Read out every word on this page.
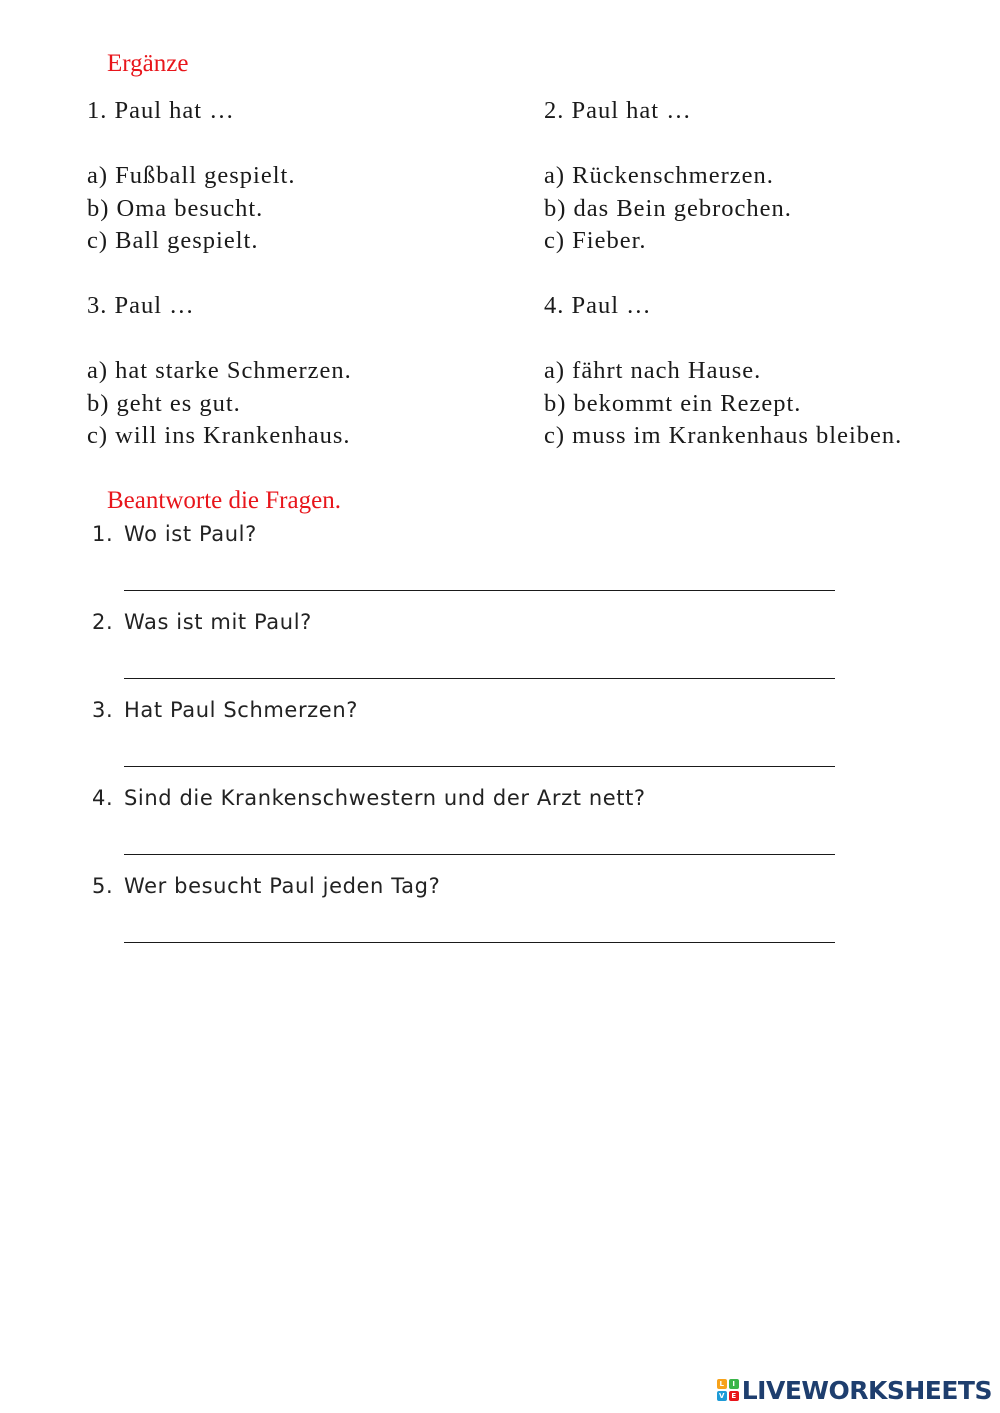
Ergänze
1. Paul hat …
a) Fußball gespielt.
b) Oma besucht.
c) Ball gespielt.
2. Paul hat …
a) Rückenschmerzen.
b) das Bein gebrochen.
c) Fieber.
3. Paul …
a) hat starke Schmerzen.
b) geht es gut.
c) will ins Krankenhaus.
4. Paul …
a) fährt nach Hause.
b) bekommt ein Rezept.
c) muss im Krankenhaus bleiben.
Beantworte die Fragen.
1. Wo ist Paul?
2. Was ist mit Paul?
3. Hat Paul Schmerzen?
4. Sind die Krankenschwestern und der Arzt nett?
5. Wer besucht Paul jeden Tag?
L	I
V E LIVEWORKSHEETS
